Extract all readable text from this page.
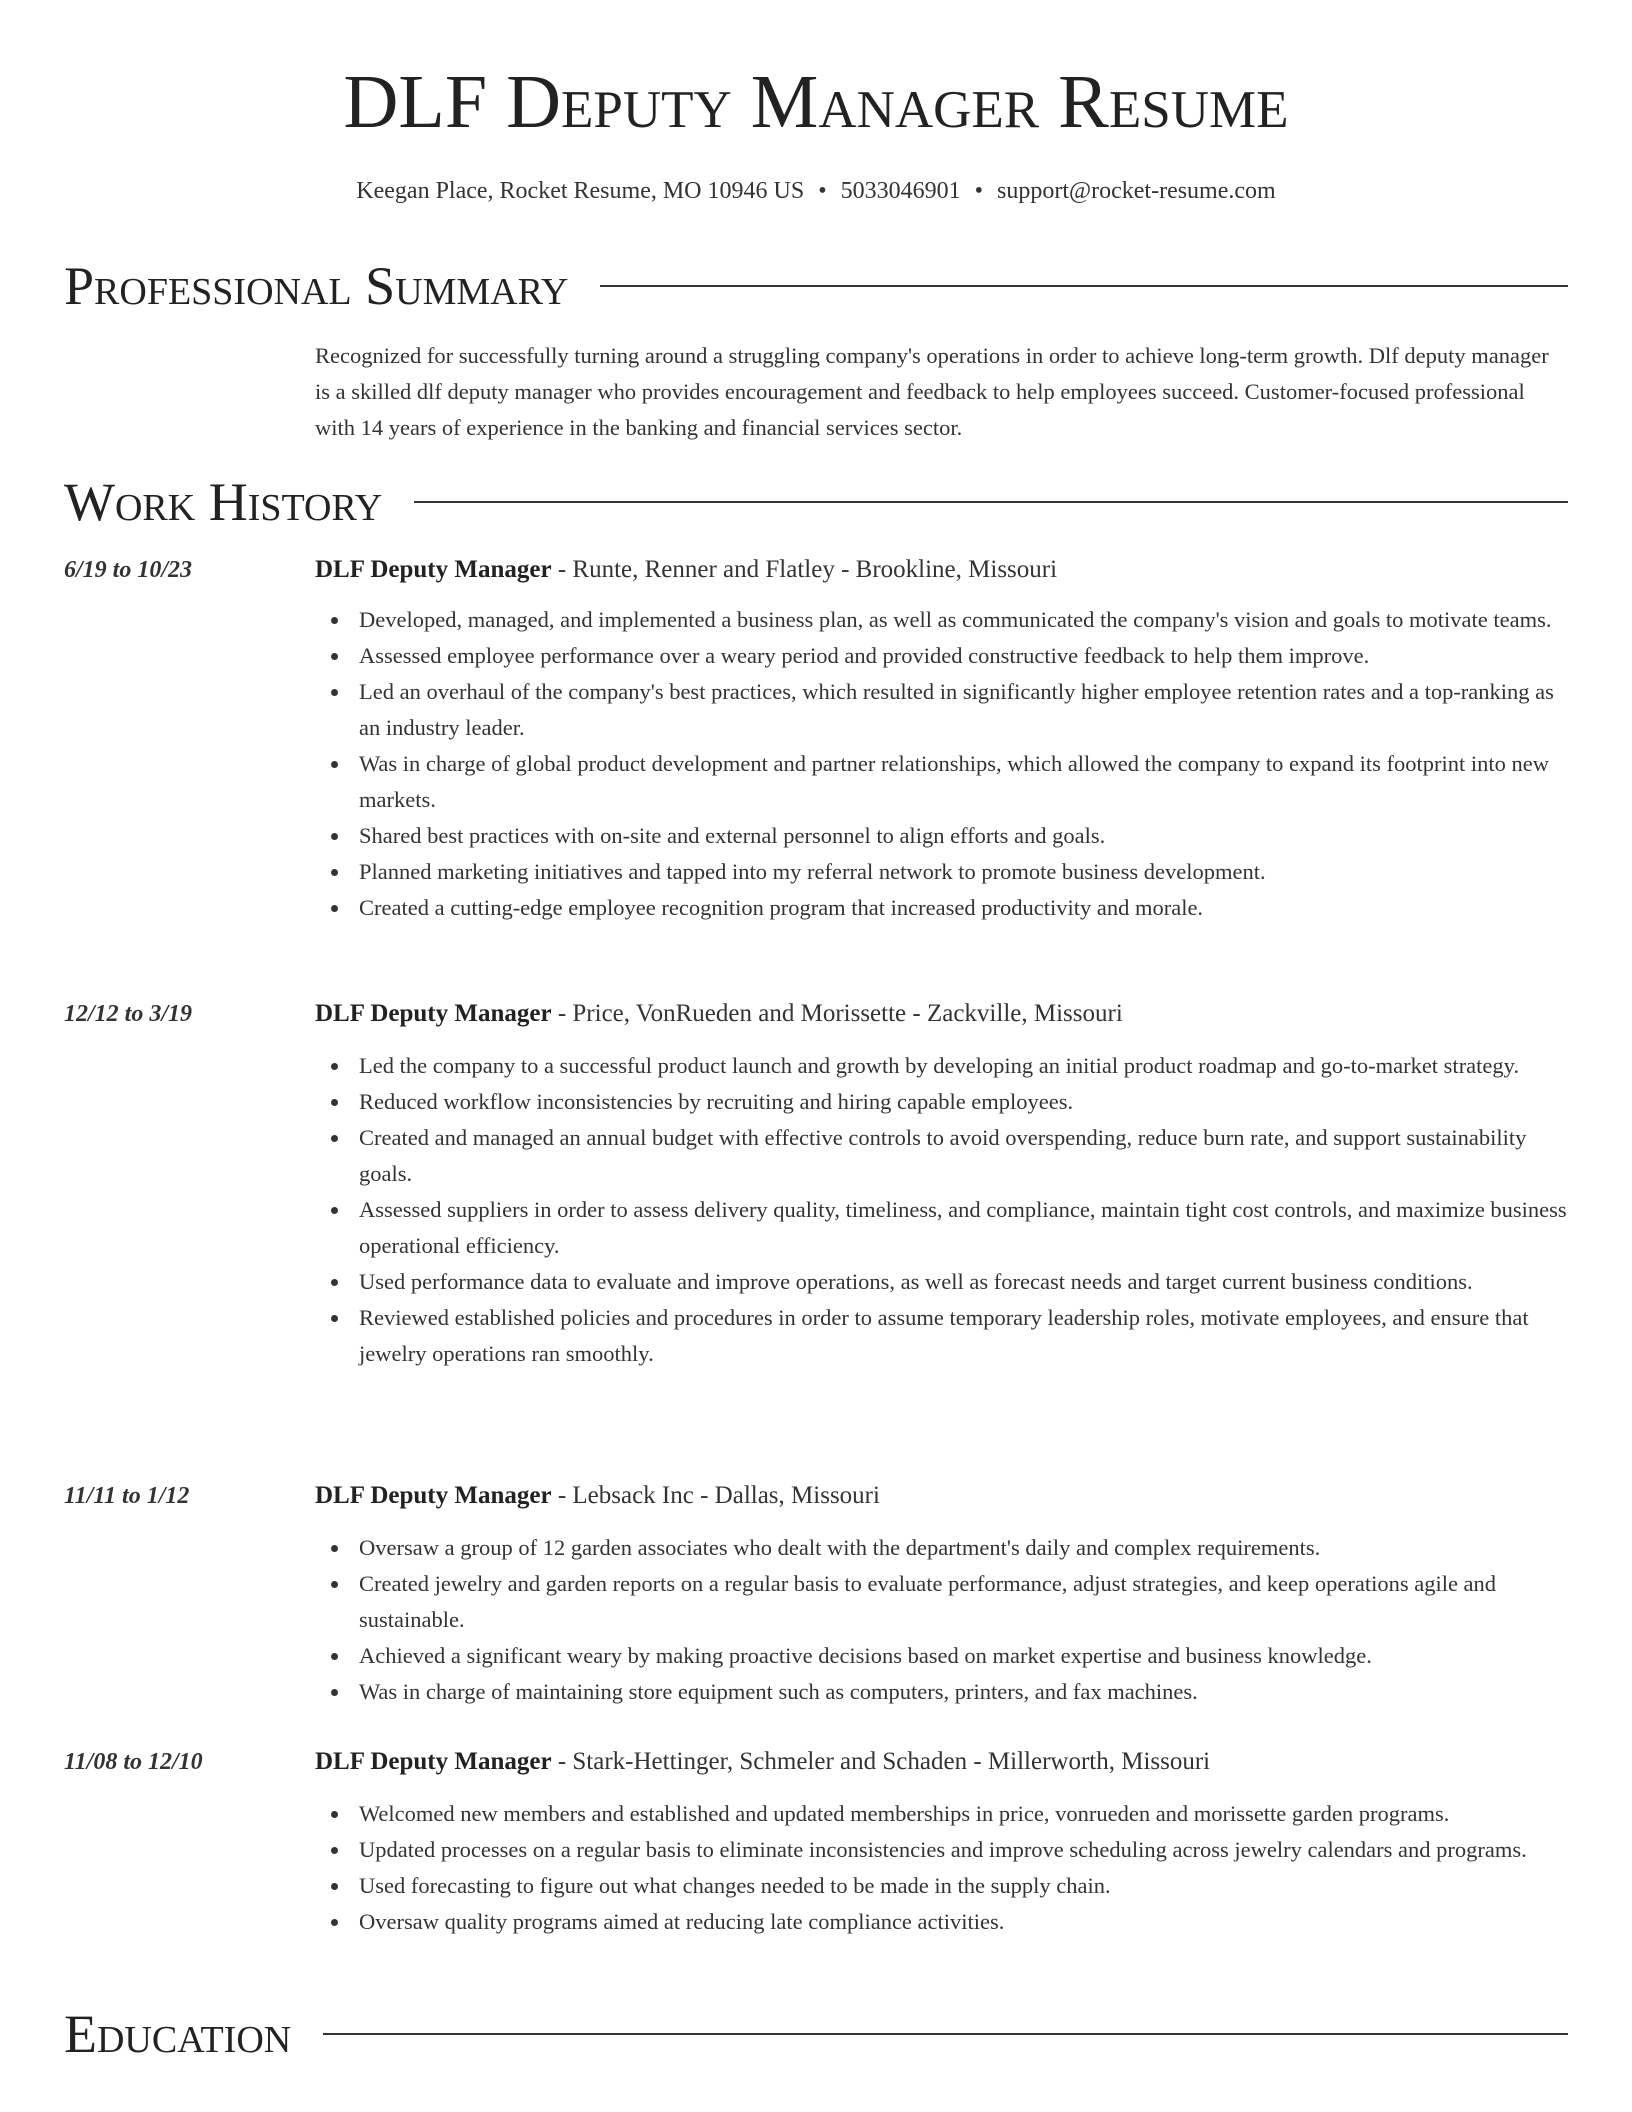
DLF Deputy Manager Resume
Keegan Place, Rocket Resume, MO 10946 US • 5033046901 • support@rocket-resume.com
Professional Summary

Recognized for successfully turning around a struggling company's operations in order to achieve long-term growth. Dlf deputy manager is a skilled dlf deputy manager who provides encouragement and feedback to help employees succeed. Customer-focused professional with 14 years of experience in the banking and financial services sector.

Work History
6/19 to 10/23	DLF Deputy Manager - Runte, Renner and Flatley - Brookline, Missouri
Developed, managed, and implemented a business plan, as well as communicated the company's vision and goals to motivate teams.
Assessed employee performance over a weary period and provided constructive feedback to help them improve.
Led an overhaul of the company's best practices, which resulted in significantly higher employee retention rates and a top-ranking as an industry leader.
Was in charge of global product development and partner relationships, which allowed the company to expand its footprint into new markets.
Shared best practices with on-site and external personnel to align efforts and goals.
Planned marketing initiatives and tapped into my referral network to promote business development.
Created a cutting-edge employee recognition program that increased productivity and morale.
12/12 to 3/19	DLF Deputy Manager - Price, VonRueden and Morissette - Zackville, Missouri
Led the company to a successful product launch and growth by developing an initial product roadmap and go-to-market strategy.
Reduced workflow inconsistencies by recruiting and hiring capable employees.
Created and managed an annual budget with effective controls to avoid overspending, reduce burn rate, and support sustainability goals.
Assessed suppliers in order to assess delivery quality, timeliness, and compliance, maintain tight cost controls, and maximize business operational efficiency.
Used performance data to evaluate and improve operations, as well as forecast needs and target current business conditions.
Reviewed established policies and procedures in order to assume temporary leadership roles, motivate employees, and ensure that jewelry operations ran smoothly.
11/11 to 1/12	DLF Deputy Manager - Lebsack Inc - Dallas, Missouri
Oversaw a group of 12 garden associates who dealt with the department's daily and complex requirements.
Created jewelry and garden reports on a regular basis to evaluate performance, adjust strategies, and keep operations agile and sustainable.
Achieved a significant weary by making proactive decisions based on market expertise and business knowledge.
Was in charge of maintaining store equipment such as computers, printers, and fax machines.
11/08 to 12/10	DLF Deputy Manager - Stark-Hettinger, Schmeler and Schaden - Millerworth, Missouri
Welcomed new members and established and updated memberships in price, vonrueden and morissette garden programs.
Updated processes on a regular basis to eliminate inconsistencies and improve scheduling across jewelry calendars and programs.
Used forecasting to figure out what changes needed to be made in the supply chain.
Oversaw quality programs aimed at reducing late compliance activities.
Education
